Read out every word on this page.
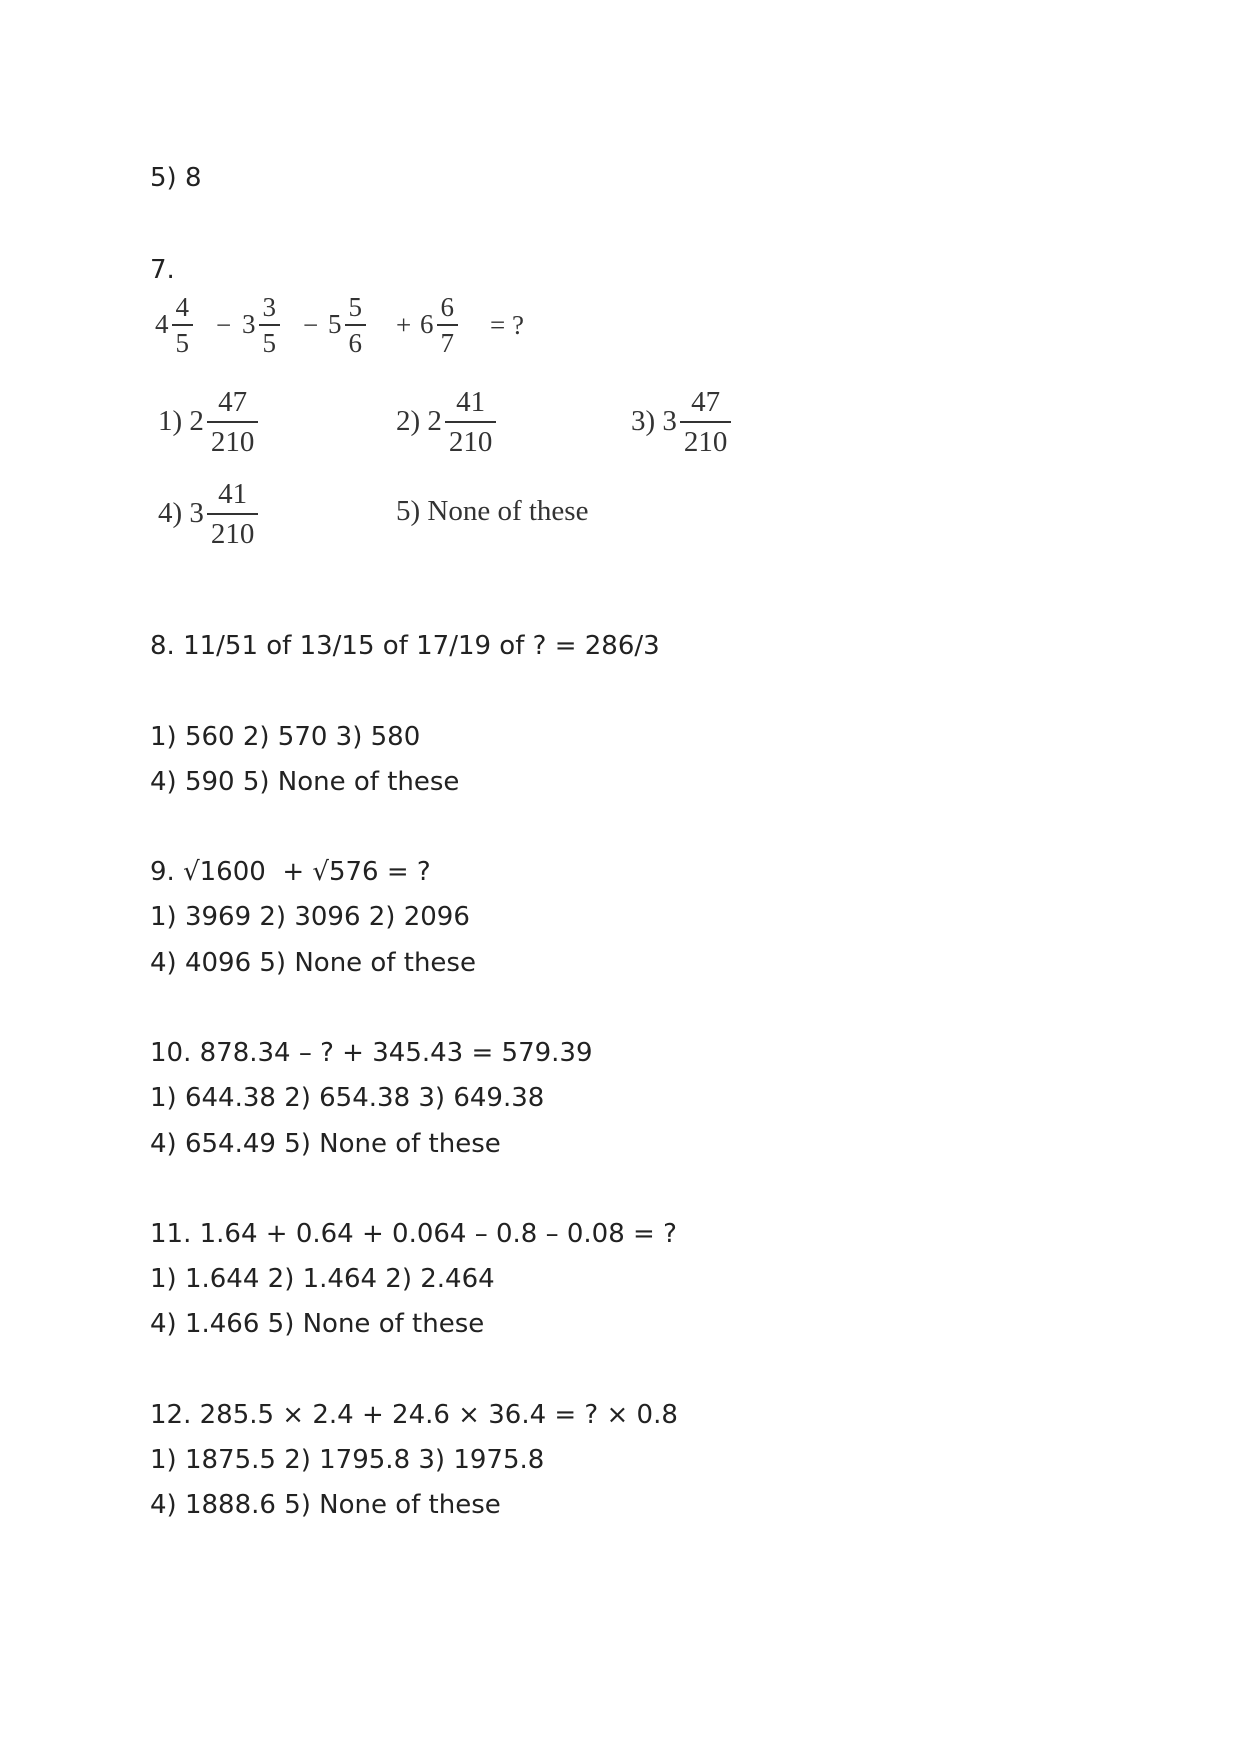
5) 8
7.
$4 \frac{4}{5} - 3 \frac{3}{5} - 5 \frac{5}{6} + 6 \frac{6}{7}$ = ?
1) $2 \frac{47}{210}$	2) $2 \frac{41}{210}$	3) $3 \frac{47}{210}$
4) $3 \frac{41}{210}$	5) None of these
8. 11/51 of 13/15 of 17/19 of ? = 286/3
1) 560 2) 570 3) 580
4) 590 5) None of these
9. √1600  + √576 = ?
1) 3969 2) 3096 2) 2096
4) 4096 5) None of these
10. 878.34 – ? + 345.43 = 579.39
1) 644.38 2) 654.38 3) 649.38
4) 654.49 5) None of these
11. 1.64 + 0.64 + 0.064 – 0.8 – 0.08 = ?
1) 1.644 2) 1.464 2) 2.464
4) 1.466 5) None of these
12. 285.5 × 2.4 + 24.6 × 36.4 = ? × 0.8
1) 1875.5 2) 1795.8 3) 1975.8
4) 1888.6 5) None of these
